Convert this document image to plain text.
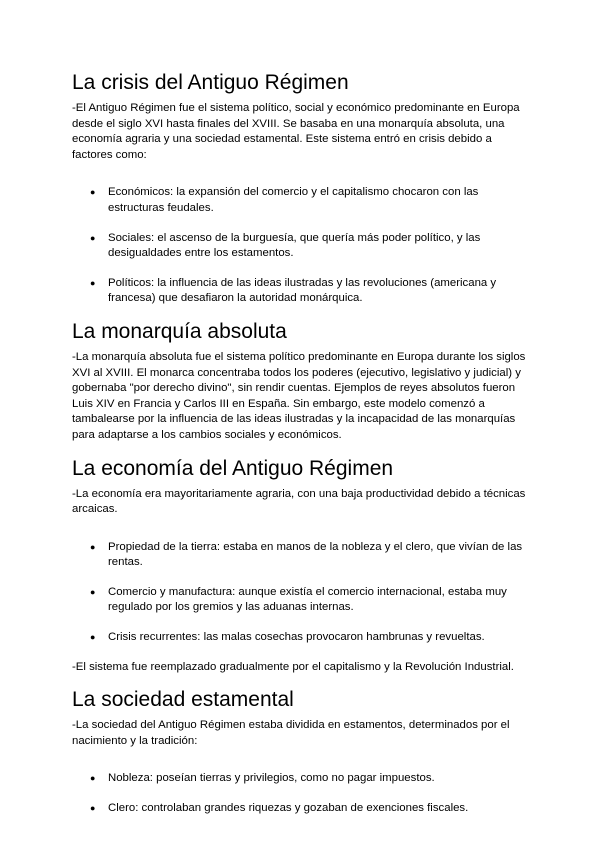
La crisis del Antiguo Régimen

-El Antiguo Régimen fue el sistema político, social y económico predominante en Europa desde el siglo XVI hasta finales del XVIII. Se basaba en una monarquía absoluta, una economía agraria y una sociedad estamental. Este sistema entró en crisis debido a factores como:

● Económicos: la expansión del comercio y el capitalismo chocaron con las estructuras feudales.
● Sociales: el ascenso de la burguesía, que quería más poder político, y las desigualdades entre los estamentos.
● Políticos: la influencia de las ideas ilustradas y las revoluciones (americana y francesa) que desafiaron la autoridad monárquica.
La monarquía absoluta

-La monarquía absoluta fue el sistema político predominante en Europa durante los siglos XVI al XVIII. El monarca concentraba todos los poderes (ejecutivo, legislativo y judicial) y gobernaba "por derecho divino", sin rendir cuentas. Ejemplos de reyes absolutos fueron Luis XIV en Francia y Carlos III en España. Sin embargo, este modelo comenzó a tambalearse por la influencia de las ideas ilustradas y la incapacidad de las monarquías para adaptarse a los cambios sociales y económicos.

La economía del Antiguo Régimen

-La economía era mayoritariamente agraria, con una baja productividad debido a técnicas arcaicas.

● Propiedad de la tierra: estaba en manos de la nobleza y el clero, que vivían de las rentas.
● Comercio y manufactura: aunque existía el comercio internacional, estaba muy regulado por los gremios y las aduanas internas.
● Crisis recurrentes: las malas cosechas provocaron hambrunas y revueltas.

-El sistema fue reemplazado gradualmente por el capitalismo y la Revolución Industrial.

La sociedad estamental

-La sociedad del Antiguo Régimen estaba dividida en estamentos, determinados por el nacimiento y la tradición:

● Nobleza: poseían tierras y privilegios, como no pagar impuestos.
● Clero: controlaban grandes riquezas y gozaban de exenciones fiscales.
